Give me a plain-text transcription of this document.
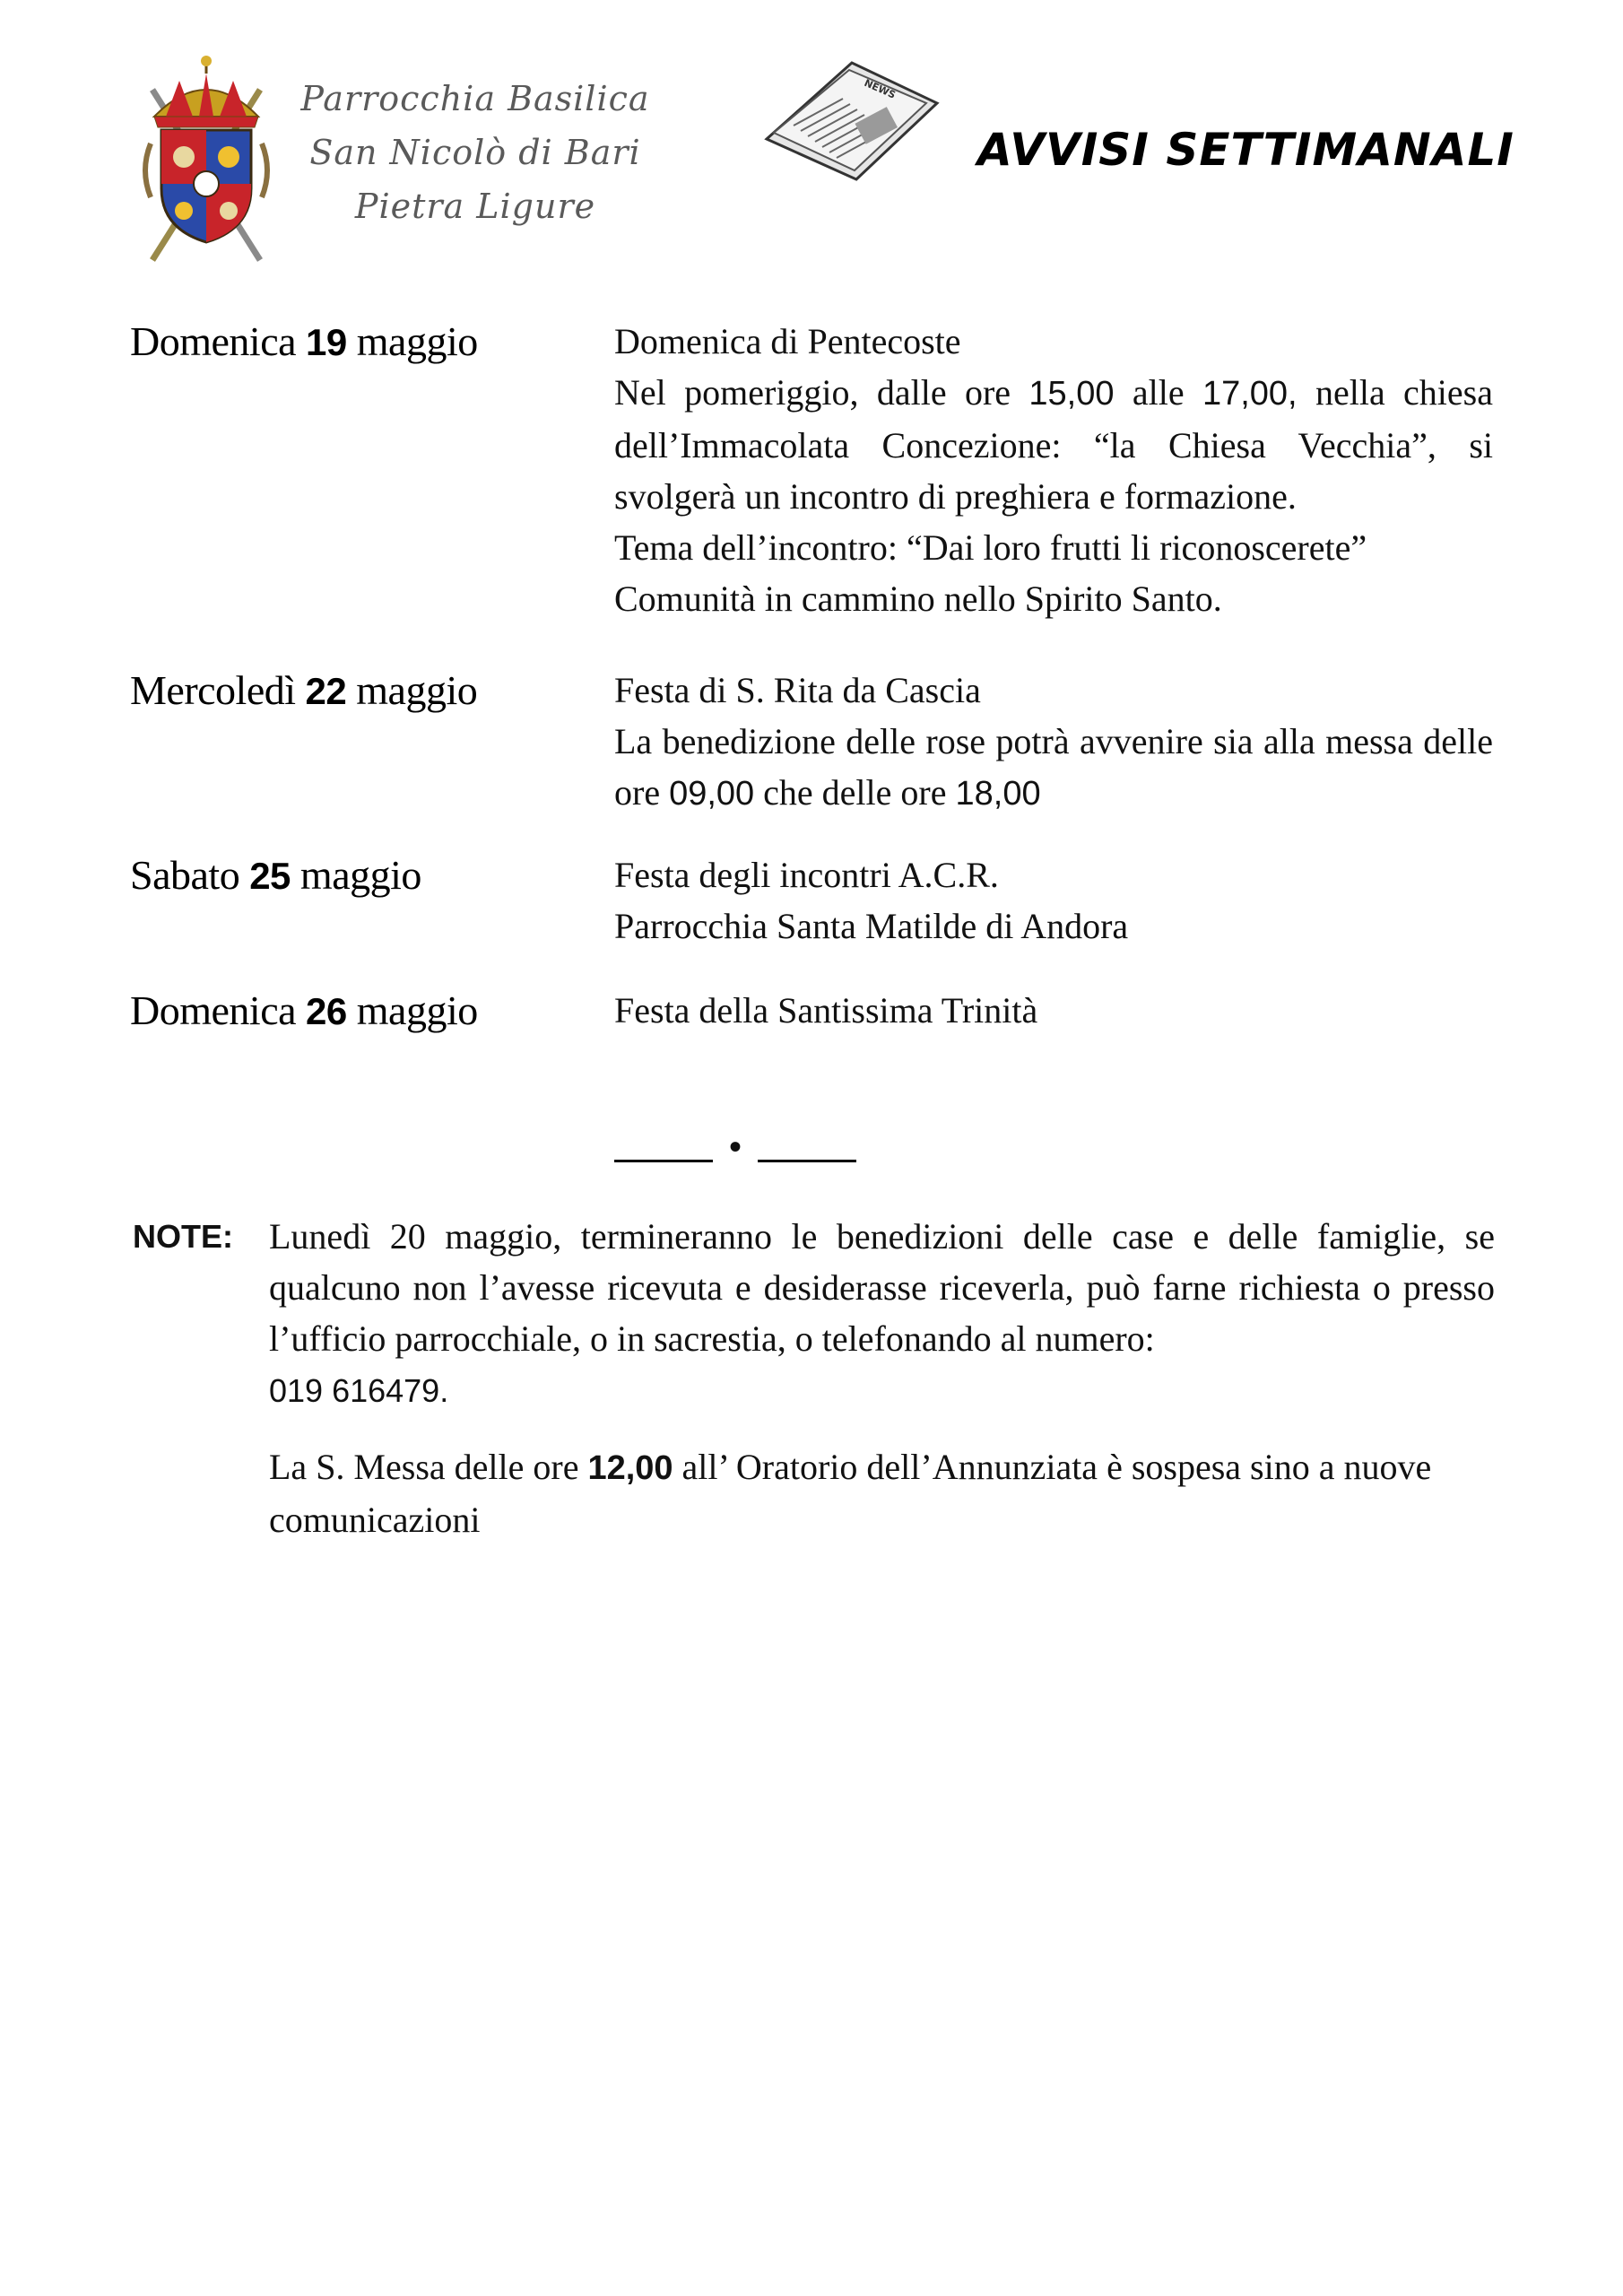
Parrocchia Basilica
San Nicolò di Bari
Pietra Ligure
NEWS
AVVISI SETTIMANALI
Domenica 19 maggio	Domenica di Pentecoste

Nel pomeriggio, dalle ore 15,00 alle 17,00, nella chiesa dell’Immacolata Concezione: “la Chiesa Vecchia”, si svolgerà un incontro di preghiera e formazione.

Tema dell’incontro: “Dai loro frutti li riconoscerete”

Comunità in cammino nello Spirito Santo.

Mercoledì 22 maggio	Festa di S. Rita da Cascia

La benedizione delle rose potrà avvenire sia alla messa delle ore 09,00 che delle ore 18,00

Sabato 25 maggio	Festa degli incontri A.C.R.

Parrocchia Santa Matilde di Andora

Domenica 26 maggio	Festa della Santissima Trinità

•
NOTE:	Lunedì 20 maggio, termineranno le benedizioni delle case e delle famiglie, se qualcuno non l’avesse ricevuta e desiderasse riceverla, può farne richiesta o presso l’ufficio parrocchiale, o in sacrestia, o telefonando al numero:
019 616479.

La S. Messa delle ore 12,00 all’ Oratorio dell’Annunziata è sospesa sino a nuove comunicazioni
